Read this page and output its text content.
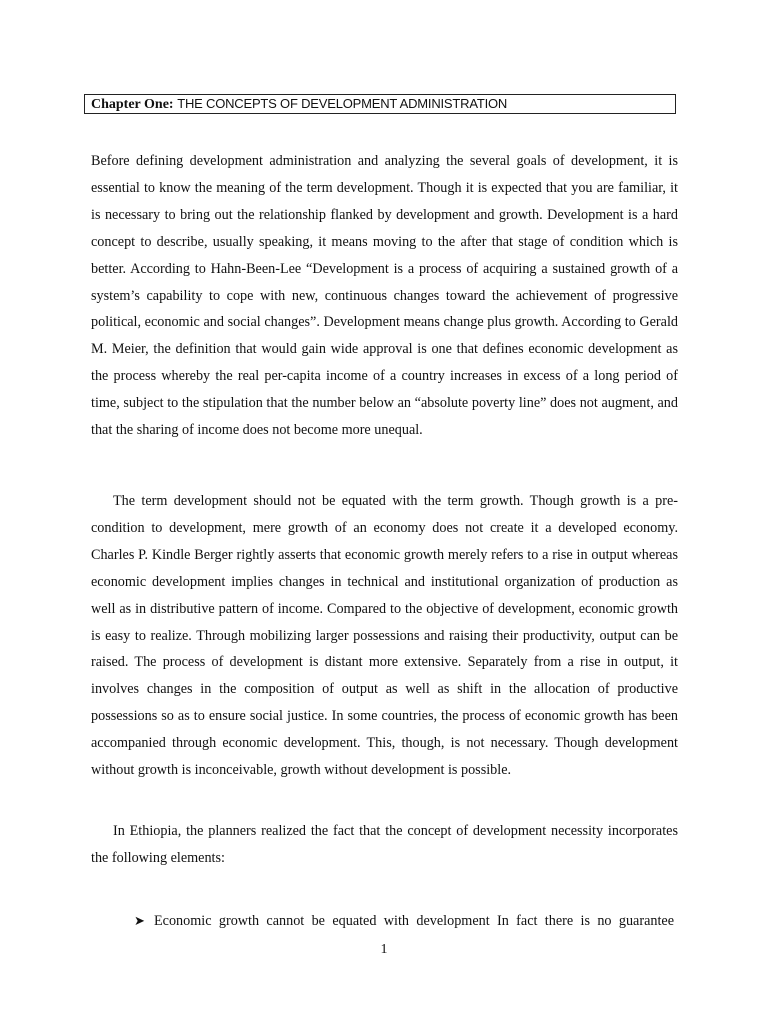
Chapter One: THE CONCEPTS OF DEVELOPMENT ADMINISTRATION

Before defining development administration and analyzing the several goals of development, it is essential to know the meaning of the term development. Though it is expected that you are familiar, it is necessary to bring out the relationship flanked by development and growth. Development is a hard concept to describe, usually speaking, it means moving to the after that stage of condition which is better. According to Hahn-Been-Lee “Development is a process of acquiring a sustained growth of a system’s capability to cope with new, continuous changes toward the achievement of progressive political, economic and social changes”. Development means change plus growth. According to Gerald M. Meier, the definition that would gain wide approval is one that defines economic development as the process whereby the real per-capita income of a country increases in excess of a long period of time, subject to the stipulation that the number below an “absolute poverty line” does not augment, and that the sharing of income does not become more unequal.

The term development should not be equated with the term growth. Though growth is a pre-condition to development, mere growth of an economy does not create it a developed economy. Charles P. Kindle Berger rightly asserts that economic growth merely refers to a rise in output whereas economic development implies changes in technical and institutional organization of production as well as in distributive pattern of income. Compared to the objective of development, economic growth is easy to realize. Through mobilizing larger possessions and raising their productivity, output can be raised. The process of development is distant more extensive. Separately from a rise in output, it involves changes in the composition of output as well as shift in the allocation of productive possessions so as to ensure social justice. In some countries, the process of economic growth has been accompanied through economic development. This, though, is not necessary. Though development without growth is inconceivable, growth without development is possible.

In Ethiopia, the planners realized the fact that the concept of development necessity incorporates the following elements:

➤ Economic growth cannot be equated with development In fact there is no guarantee
1
